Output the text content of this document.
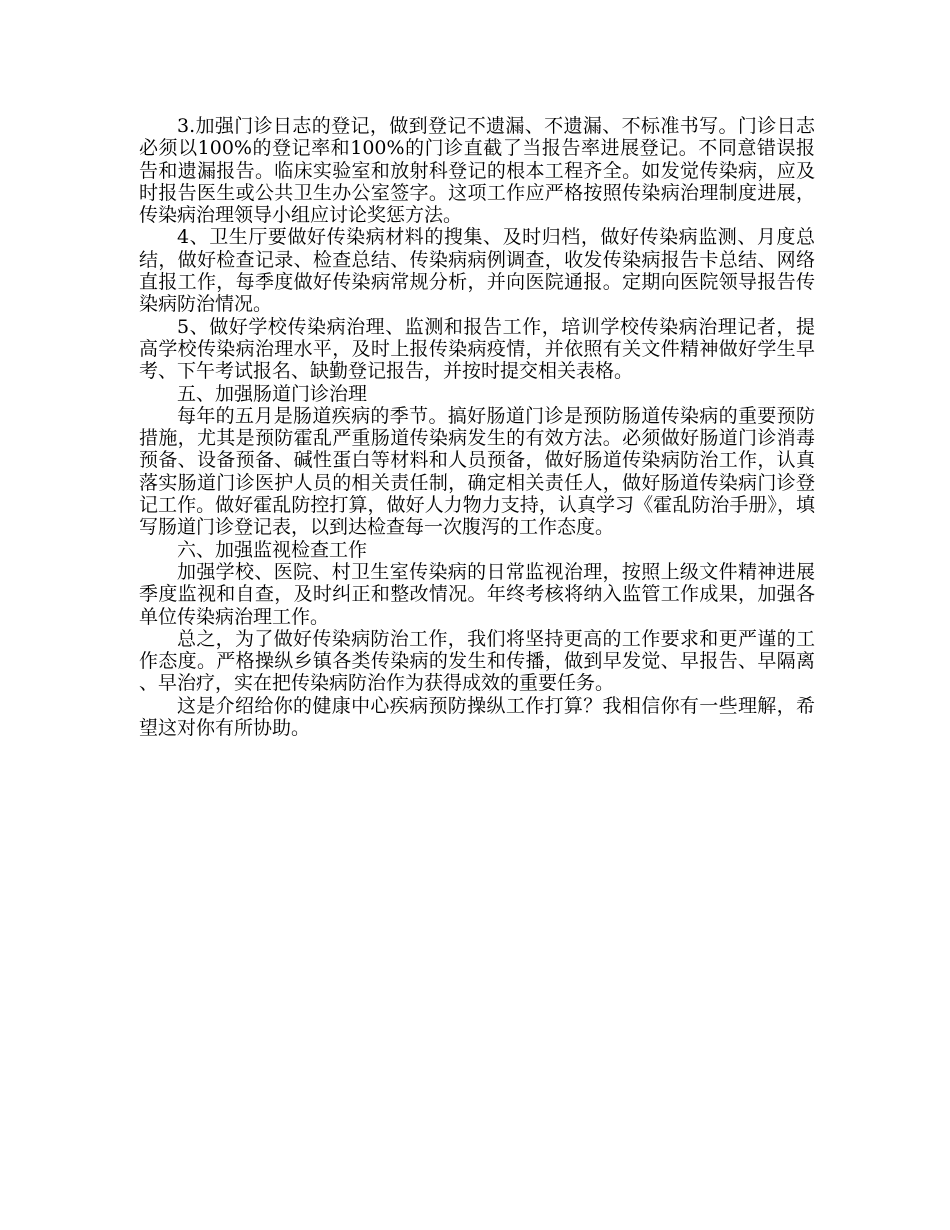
3.加强门诊日志的登记，做到登记不遗漏、不遗漏、不标准书写。门诊日志必须以100%的登记率和100%的门诊直截了当报告率进展登记。不同意错误报告和遗漏报告。临床实验室和放射科登记的根本工程齐全。如发觉传染病，应及时报告医生或公共卫生办公室签字。这项工作应严格按照传染病治理制度进展，传染病治理领导小组应讨论奖惩方法。

4、卫生厅要做好传染病材料的搜集、及时归档，做好传染病监测、月度总结，做好检查记录、检查总结、传染病病例调查，收发传染病报告卡总结、网络直报工作，每季度做好传染病常规分析，并向医院通报。定期向医院领导报告传染病防治情况。

5、做好学校传染病治理、监测和报告工作，培训学校传染病治理记者，提高学校传染病治理水平，及时上报传染病疫情，并依照有关文件精神做好学生早考、下午考试报名、缺勤登记报告，并按时提交相关表格。

五、加强肠道门诊治理

每年的五月是肠道疾病的季节。搞好肠道门诊是预防肠道传染病的重要预防措施，尤其是预防霍乱严重肠道传染病发生的有效方法。必须做好肠道门诊消毒预备、设备预备、碱性蛋白等材料和人员预备，做好肠道传染病防治工作，认真落实肠道门诊医护人员的相关责任制，确定相关责任人，做好肠道传染病门诊登记工作。做好霍乱防控打算，做好人力物力支持，认真学习《霍乱防治手册》，填写肠道门诊登记表，以到达检查每一次腹泻的工作态度。

六、加强监视检查工作

加强学校、医院、村卫生室传染病的日常监视治理，按照上级文件精神进展季度监视和自查，及时纠正和整改情况。年终考核将纳入监管工作成果，加强各单位传染病治理工作。

总之，为了做好传染病防治工作，我们将坚持更高的工作要求和更严谨的工作态度。严格操纵乡镇各类传染病的发生和传播，做到早发觉、早报告、早隔离、早治疗，实在把传染病防治作为获得成效的重要任务。

这是介绍给你的健康中心疾病预防操纵工作打算？我相信你有一些理解，希望这对你有所协助。
